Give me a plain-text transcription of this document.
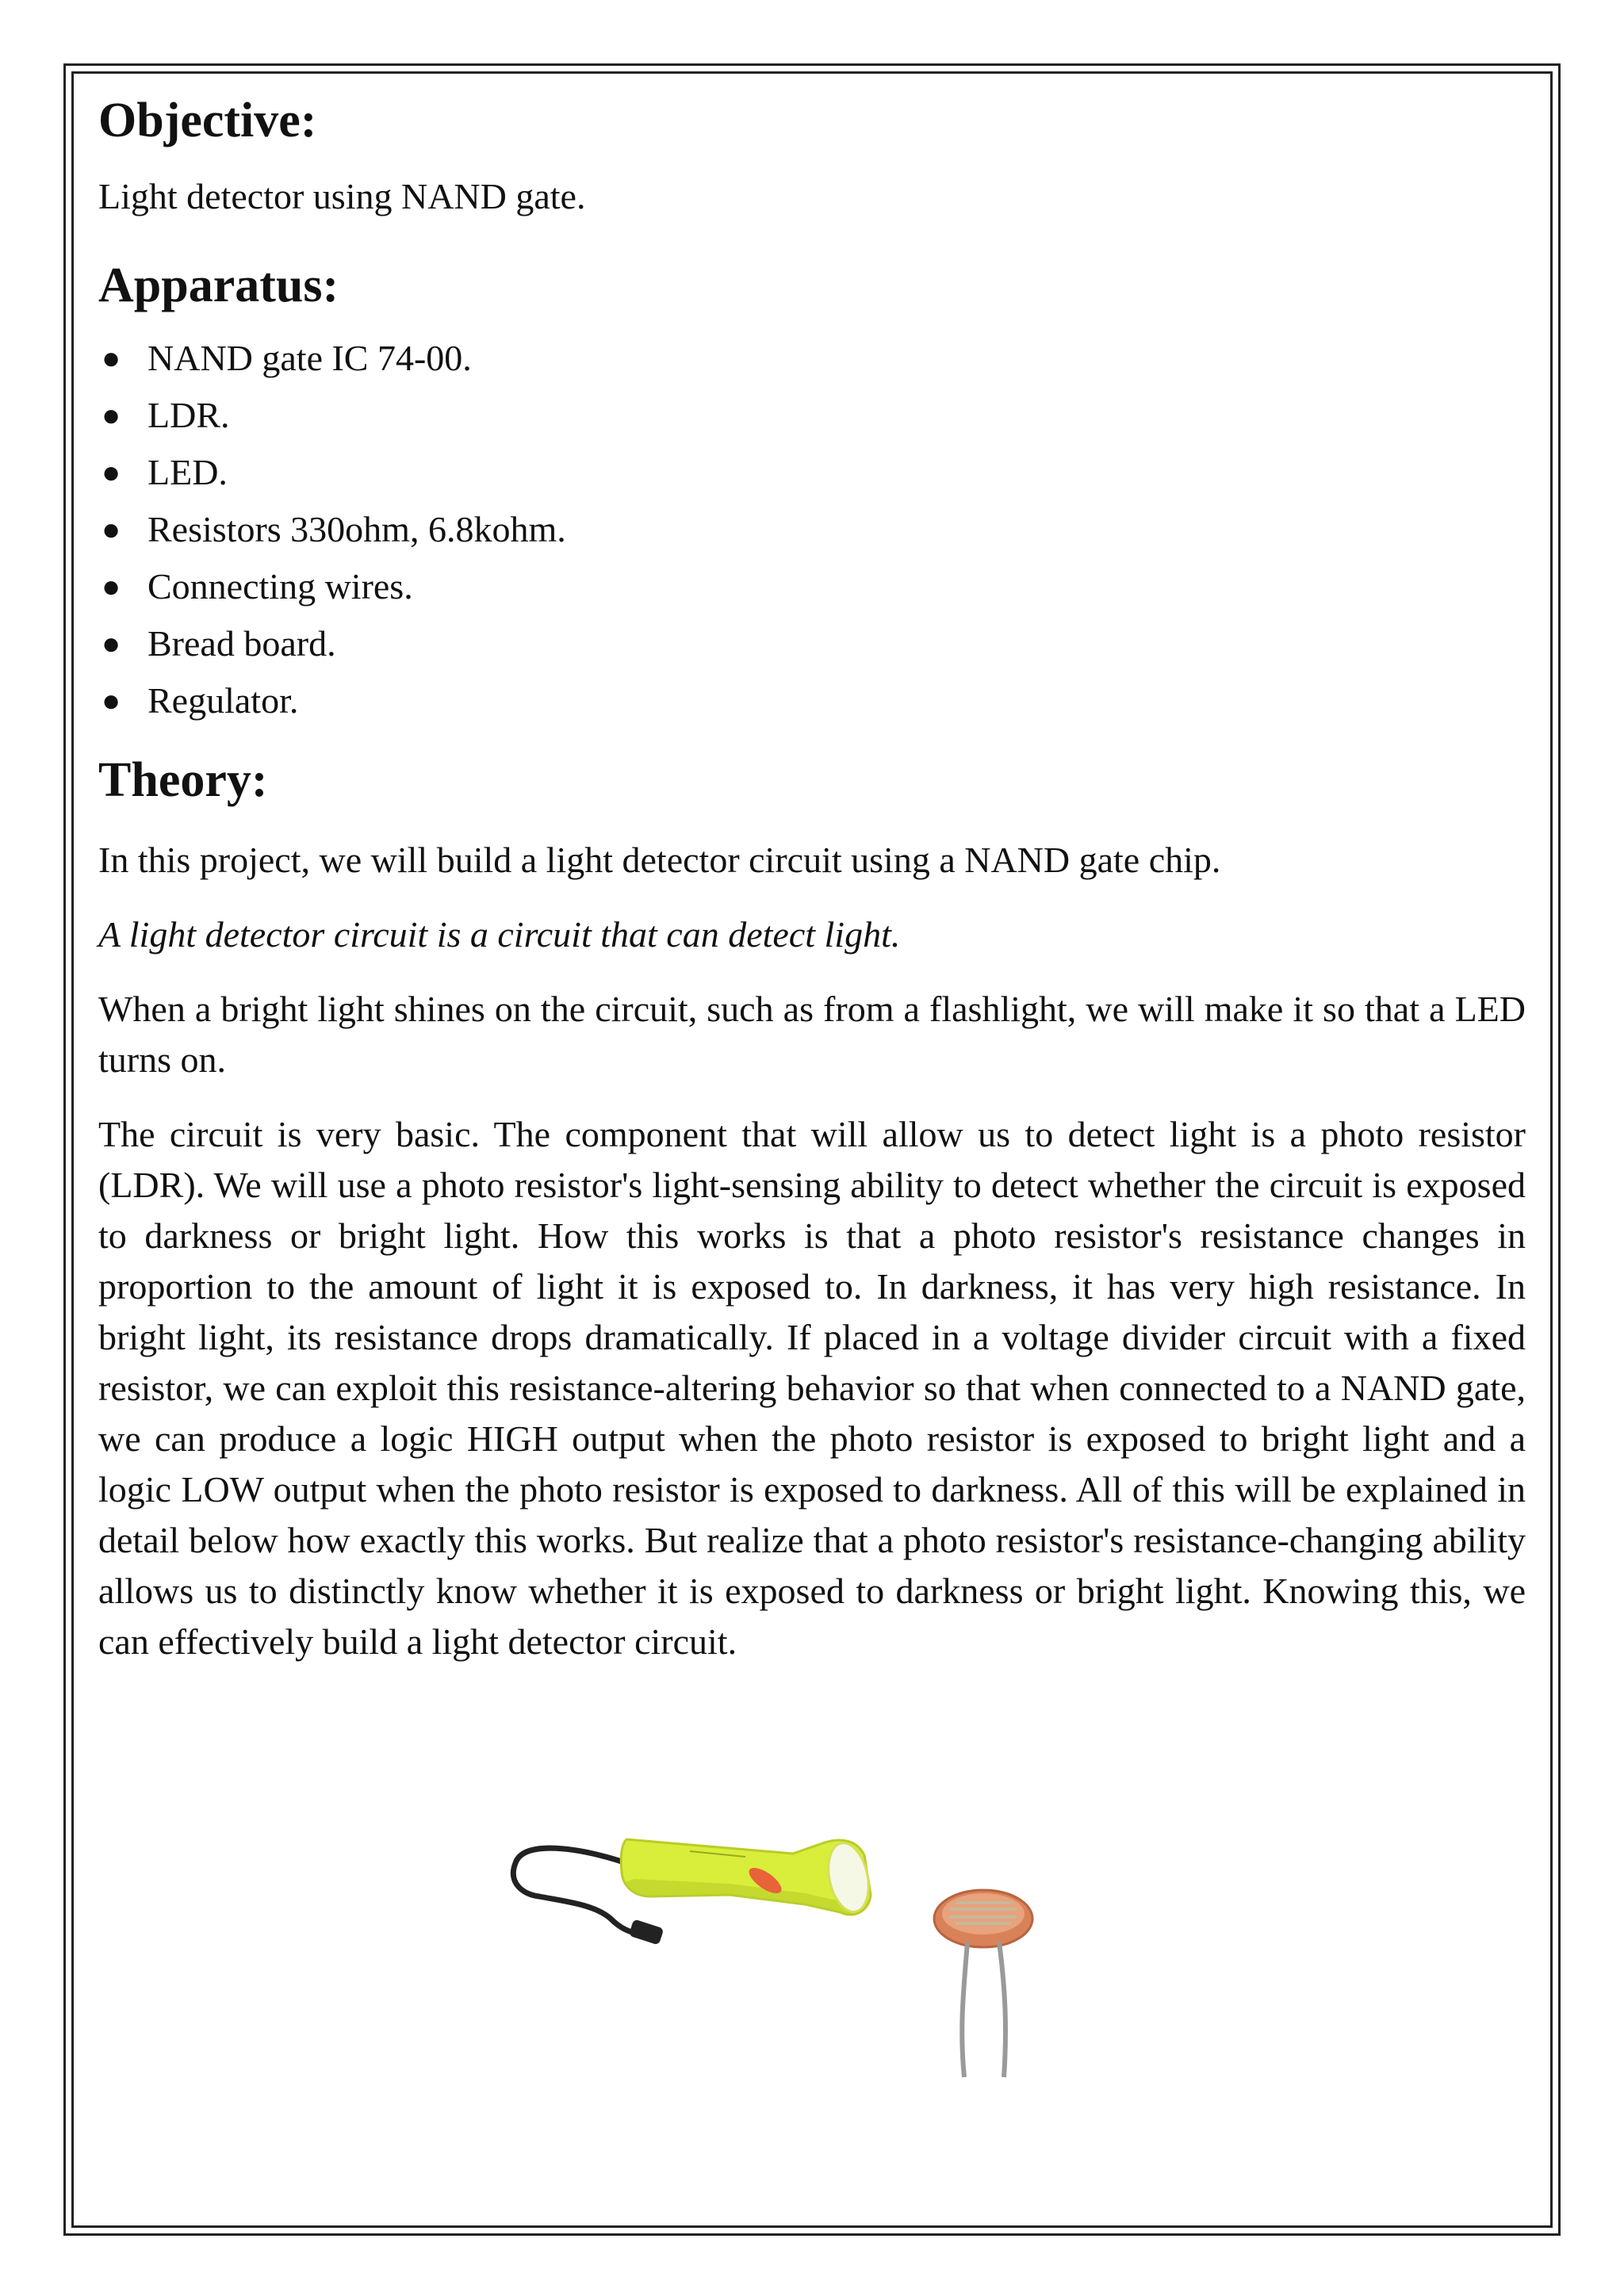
Objective:

Light detector using NAND gate.

Apparatus:
● NAND gate IC 74-00.
● LDR.
● LED.
● Resistors 330ohm, 6.8kohm.
● Connecting wires.
● Bread board.
● Regulator.
Theory:

In this project, we will build a light detector circuit using a NAND gate chip.

A light detector circuit is a circuit that can detect light.

When a bright light shines on the circuit, such as from a flashlight, we will make it so that a LED turns on.

The circuit is very basic. The component that will allow us to detect light is a photo resistor (LDR). We will use a photo resistor's light-sensing ability to detect whether the circuit is exposed to darkness or bright light. How this works is that a photo resistor's resistance changes in proportion to the amount of light it is exposed to. In darkness, it has very high resistance. In bright light, its resistance drops dramatically. If placed in a voltage divider circuit with a fixed resistor, we can exploit this resistance-altering behavior so that when connected to a NAND gate, we can produce a logic HIGH output when the photo resistor is exposed to bright light and a logic LOW output when the photo resistor is exposed to darkness. All of this will be explained in detail below how exactly this works. But realize that a photo resistor's resistance-changing ability allows us to distinctly know whether it is exposed to darkness or bright light. Knowing this, we can effectively build a light detector circuit.
